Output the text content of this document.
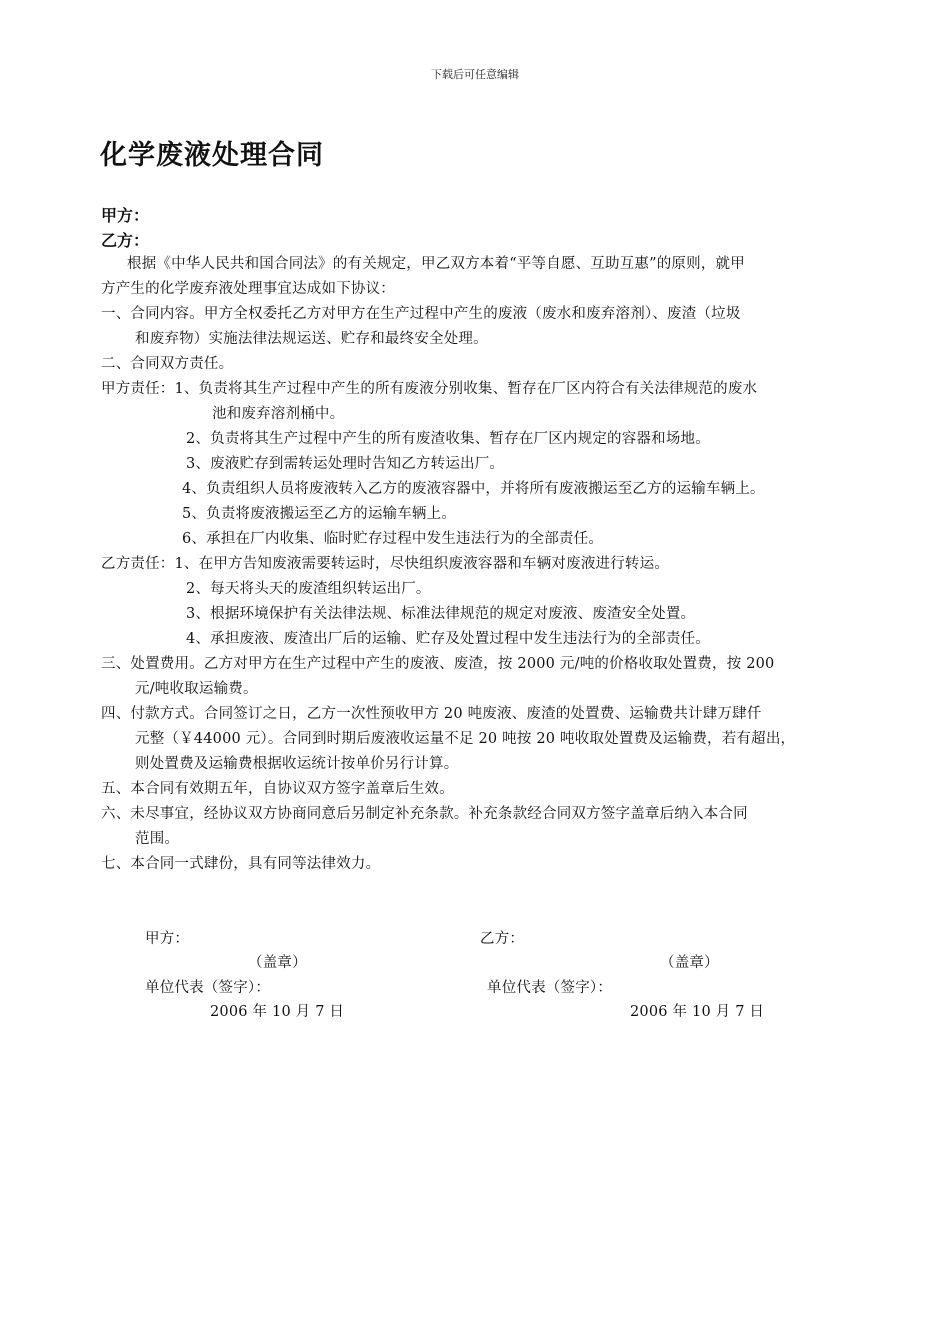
下载后可任意编辑
化学废液处理合同
甲方：
乙方：
根据《中华人民共和国合同法》的有关规定，甲乙双方本着“平等自愿、互助互惠”的原则，就甲
方产生的化学废弃液处理事宜达成如下协议：
一、合同内容。甲方全权委托乙方对甲方在生产过程中产生的废液（废水和废弃溶剂）、废渣（垃圾
和废弃物）实施法律法规运送、贮存和最终安全处理。
二、合同双方责任。
甲方责任：1、负责将其生产过程中产生的所有废液分别收集、暂存在厂区内符合有关法律规范的废水
池和废弃溶剂桶中。
2、负责将其生产过程中产生的所有废渣收集、暂存在厂区内规定的容器和场地。
3、废液贮存到需转运处理时告知乙方转运出厂。
4、负责组织人员将废液转入乙方的废液容器中，并将所有废液搬运至乙方的运输车辆上。
5、负责将废液搬运至乙方的运输车辆上。
6、承担在厂内收集、临时贮存过程中发生违法行为的全部责任。
乙方责任：1、在甲方告知废液需要转运时，尽快组织废液容器和车辆对废液进行转运。
2、每天将头天的废渣组织转运出厂。
3、根据环境保护有关法律法规、标准法律规范的规定对废液、废渣安全处置。
4、承担废液、废渣出厂后的运输、贮存及处置过程中发生违法行为的全部责任。
三、处置费用。乙方对甲方在生产过程中产生的废液、废渣，按 2000 元/吨的价格收取处置费，按 200
元/吨收取运输费。
四、付款方式。合同签订之日，乙方一次性预收甲方 20 吨废液、废渣的处置费、运输费共计肆万肆仟
元整（￥44000 元）。合同到时期后废液收运量不足 20 吨按 20 吨收取处置费及运输费，若有超出，
则处置费及运输费根据收运统计按单价另行计算。
五、本合同有效期五年，自协议双方签字盖章后生效。
六、未尽事宜，经协议双方协商同意后另制定补充条款。补充条款经合同双方签字盖章后纳入本合同
范围。
七、本合同一式肆份，具有同等法律效力。
甲方：
（盖章）
单位代表（签字）：
2006 年 10 月 7 日
乙方：
（盖章）
单位代表（签字）：
2006 年 10 月 7 日
